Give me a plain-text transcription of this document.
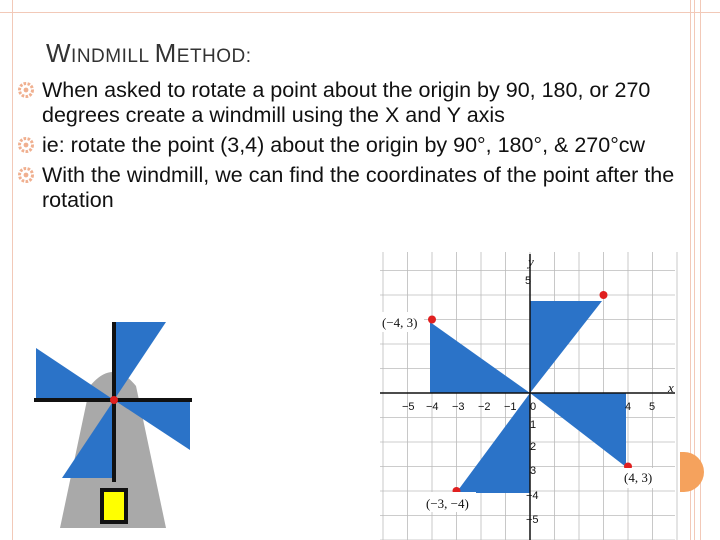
WINDMILL METHOD:
When asked to rotate a point about the origin by 90, 180, or 270 degrees create a windmill using the X and Y axis
ie: rotate the point (3,4) about the origin by 90°, 180°, & 270°cw
With the windmill, we can find the coordinates of the point after the rotation
y
x
−5 −4 −3 −2 −1 0	4 5
5
1
2
3
−4
−5
(−4, 3)
(4, 3)
(−3, −4)
